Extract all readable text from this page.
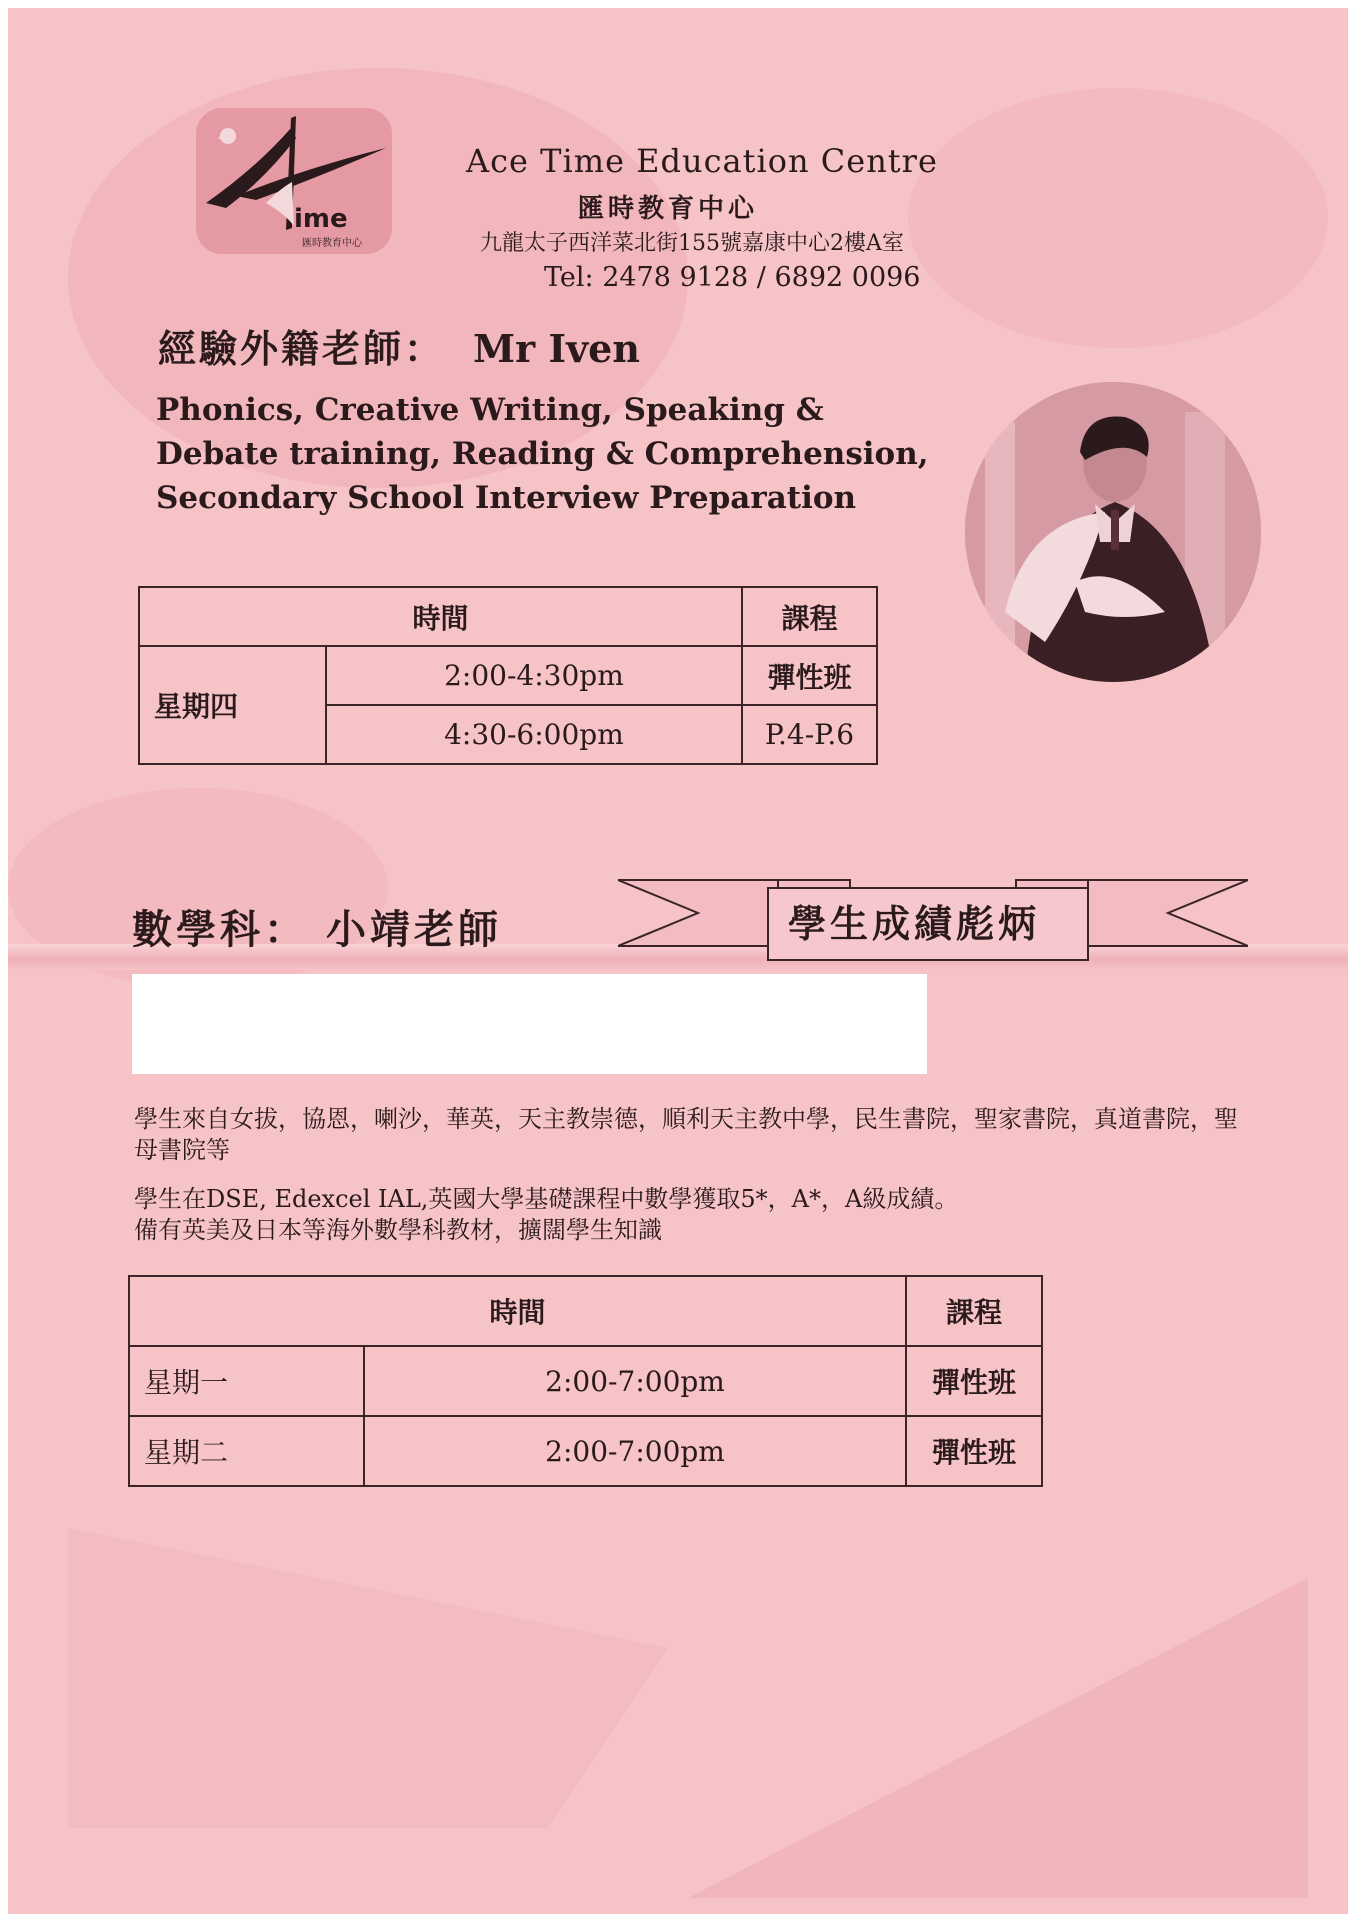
ime
匯時教育中心
Ace Time Education Centre
匯時教育中心
九龍太子西洋菜北街155號嘉康中心2樓A室
Tel: 2478 9128 / 6892 0096
經驗外籍老師： Mr Iven
Phonics, Creative Writing, Speaking & Debate training, Reading & Comprehension, Secondary School Interview Preparation
時間		課程
星期四	2:00-4:30pm	彈性班
	4:30-6:00pm	P.4-P.6
數學科： 小靖老師	學生成績彪炳
學生來自女拔，協恩，喇沙，華英，天主教崇德，順利天主教中學，民生書院，聖家書院，真道書院，聖母書院等
學生在DSE, Edexcel IAL,英國大學基礎課程中數學獲取5*，A*，A級成績。
備有英美及日本等海外數學科教材，擴闊學生知識
時間		課程
星期一	2:00-7:00pm	彈性班
星期二	2:00-7:00pm	彈性班
